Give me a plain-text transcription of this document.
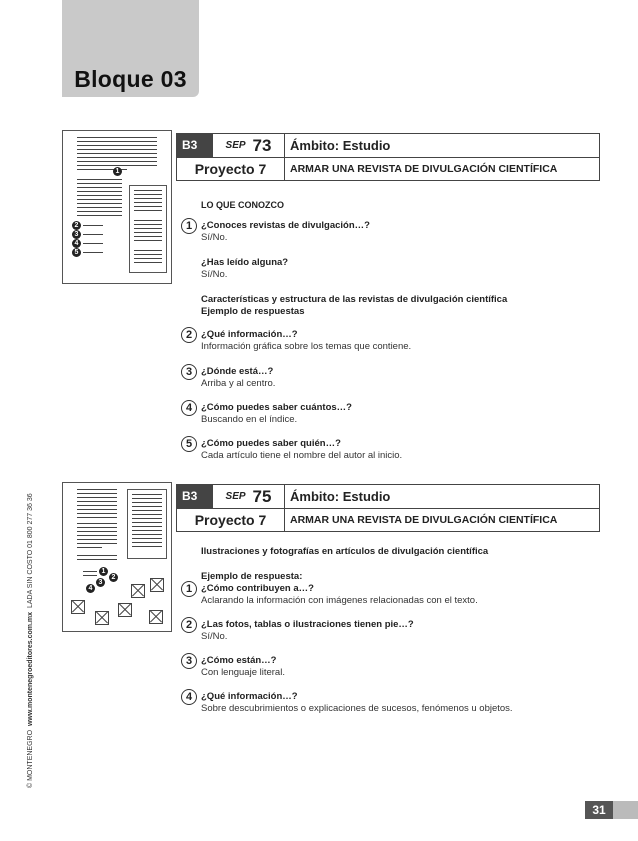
Bloque 03
© MONTENEGRO  www.montenegroeditores.com.mx  LADA SIN COSTO 01 800 277 36 36
1
2
3
4
5
B3	SEP 73	Ámbito: Estudio
Proyecto 7	ARMAR UNA REVISTA DE DIVULGACIÓN CIENTÍFICA
LO QUE CONOZCO
1 ¿Conoces revistas de divulgación…?
Sí/No.
¿Has leído alguna?
Sí/No.
Características y estructura de las revistas de divulgación científica
Ejemplo de respuestas
2 ¿Qué información…?
Información gráfica sobre los temas que contiene.
3 ¿Dónde está…?
Arriba y al centro.
4 ¿Cómo puedes saber cuántos…?
Buscando en el índice.
5 ¿Cómo puedes saber quién…?
Cada artículo tiene el nombre del autor al inicio.
1
2
3
4
B3	SEP 75	Ámbito: Estudio
Proyecto 7	ARMAR UNA REVISTA DE DIVULGACIÓN CIENTÍFICA
Ilustraciones y fotografías en artículos de divulgación científica
Ejemplo de respuesta:
1 ¿Cómo contribuyen a…?
Aclarando la información con imágenes relacionadas con el texto.
2 ¿Las fotos, tablas o ilustraciones tienen pie…?
Sí/No.
3 ¿Cómo están…?
Con lenguaje literal.
4 ¿Qué información…?
Sobre descubrimientos o explicaciones de sucesos, fenómenos u objetos.
31
